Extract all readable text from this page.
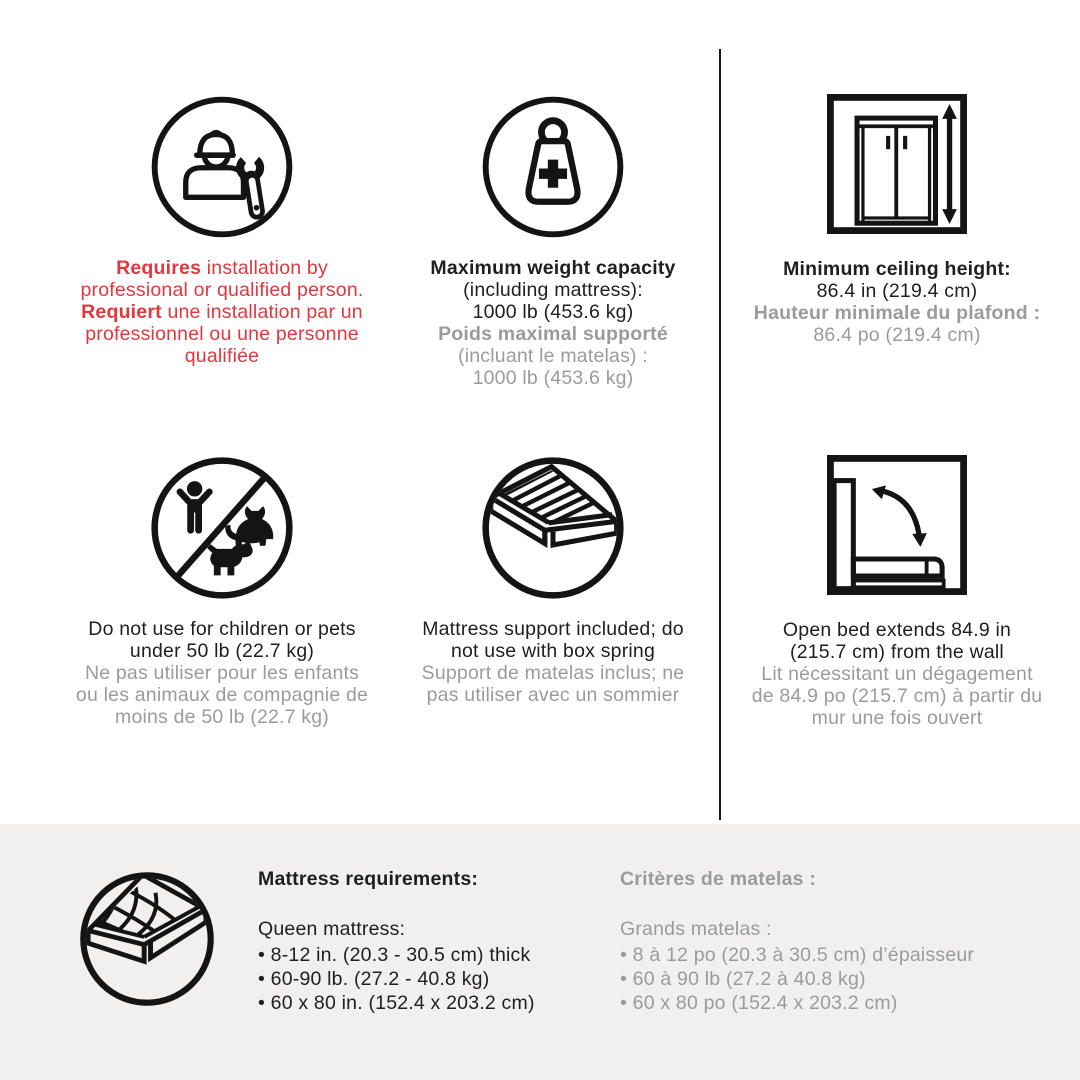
Requires installation by
professional or qualified person.
Requiert une installation par un
professionnel ou une personne
qualifiée
Maximum weight capacity
(including mattress):
1000 lb (453.6 kg)
Poids maximal supporté
(incluant le matelas) :
1000 lb (453.6 kg)
Minimum ceiling height:
86.4 in (219.4 cm)
Hauteur minimale du plafond :
86.4 po (219.4 cm)
Do not use for children or pets
under 50 lb (22.7 kg)
Ne pas utiliser pour les enfants
ou les animaux de compagnie de
moins de 50 lb (22.7 kg)
Mattress support included; do
not use with box spring
Support de matelas inclus; ne
pas utiliser avec un sommier
Open bed extends 84.9 in
(215.7 cm) from the wall
Lit nécessitant un dégagement
de 84.9 po (215.7 cm) à partir du
mur une fois ouvert
Mattress requirements:
Queen mattress:
• 8-12 in. (20.3 - 30.5 cm) thick
• 60-90 lb. (27.2 - 40.8 kg)
• 60 x 80 in. (152.4 x 203.2 cm)
Critères de matelas :
Grands matelas :
• 8 à 12 po (20.3 à 30.5 cm) d’épaisseur
• 60 à 90 lb (27.2 à 40.8 kg)
• 60 x 80 po (152.4 x 203.2 cm)
